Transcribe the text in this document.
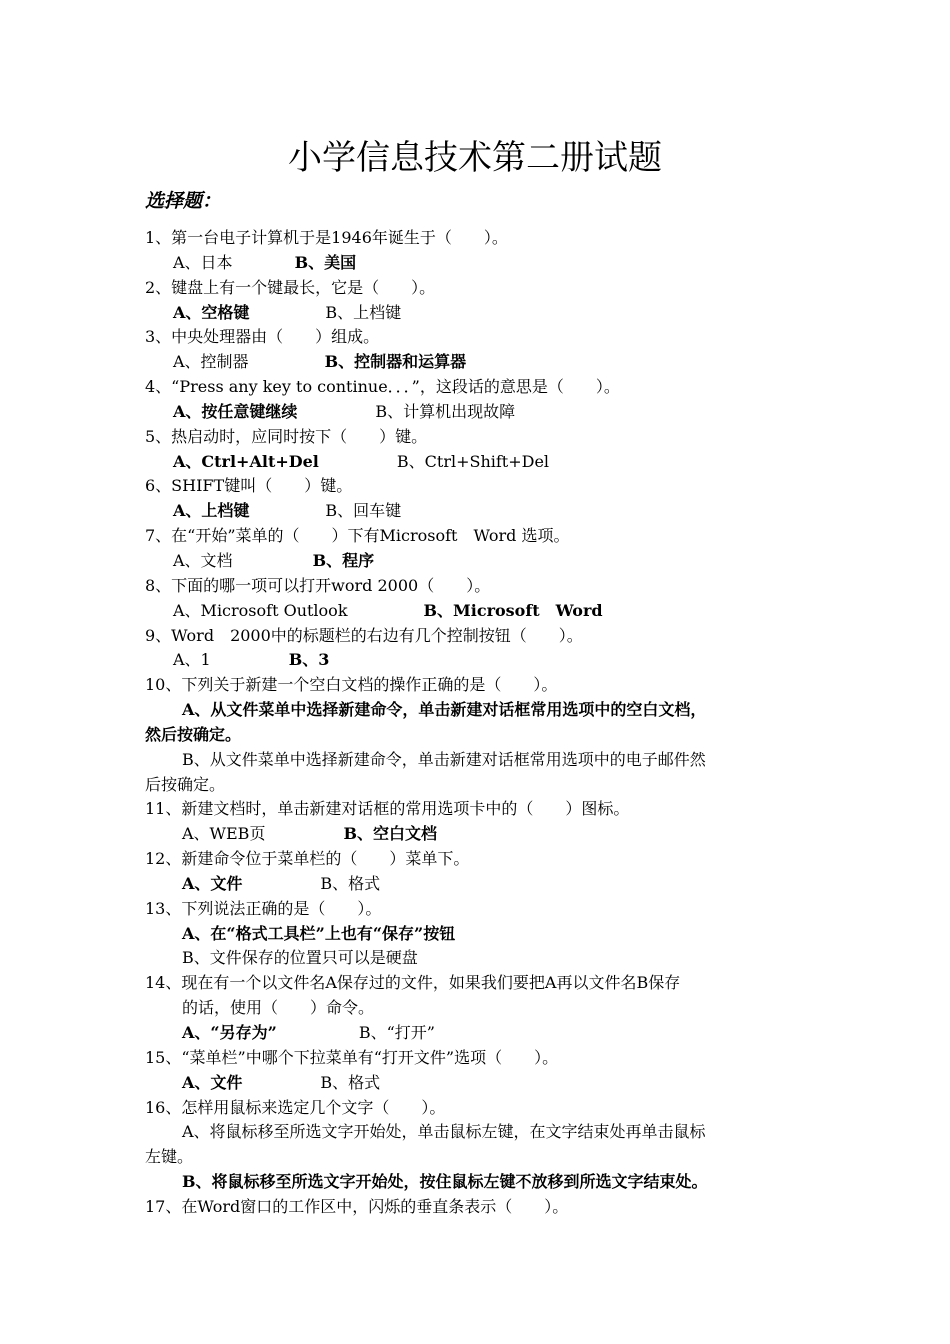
小学信息技术第二册试题
选择题：
1、第一台电子计算机于是1946年诞生于（　　）。
A、日本	B、美国
2、键盘上有一个键最长，它是（　　）。
A、空格键	B、上档键
3、中央处理器由（　　）组成。
A、控制器	B、控制器和运算器
4、“Press any key to continue．．．”，这段话的意思是（　　）。
A、按任意键继续	B、计算机出现故障
5、热启动时，应同时按下（　　）键。
A、Ctrl+Alt+Del	B、Ctrl+Shift+Del
6、SHIFT键叫（　　）键。
A、上档键	B、回车键
7、在“开始”菜单的（　　）下有Microsoft　Word 选项。
A、文档	B、程序
8、下面的哪一项可以打开word 2000（　　）。
A、Microsoft Outlook	B、Microsoft　Word
9、Word　2000中的标题栏的右边有几个控制按钮（　　）。
A、1	B、3
10、下列关于新建一个空白文档的操作正确的是（　　）。
A、从文件菜单中选择新建命令，单击新建对话框常用选项中的空白文档，
然后按确定。
B、从文件菜单中选择新建命令，单击新建对话框常用选项中的电子邮件然
后按确定。
11、新建文档时，单击新建对话框的常用选项卡中的（　　）图标。
A、WEB页	B、空白文档
12、新建命令位于菜单栏的（　　）菜单下。
A、文件	B、格式
13、下列说法正确的是（　　）。
A、在“格式工具栏”上也有“保存”按钮
B、文件保存的位置只可以是硬盘
14、现在有一个以文件名A保存过的文件，如果我们要把A再以文件名B保存
的话，使用（　　）命令。
A、“另存为”	B、“打开”
15、“菜单栏”中哪个下拉菜单有“打开文件”选项（　　）。
A、文件	B、格式
16、怎样用鼠标来选定几个文字（　　）。
A、将鼠标移至所选文字开始处，单击鼠标左键，在文字结束处再单击鼠标
左键。
B、将鼠标移至所选文字开始处，按住鼠标左键不放移到所选文字结束处。
17、在Word窗口的工作区中，闪烁的垂直条表示（　　）。
